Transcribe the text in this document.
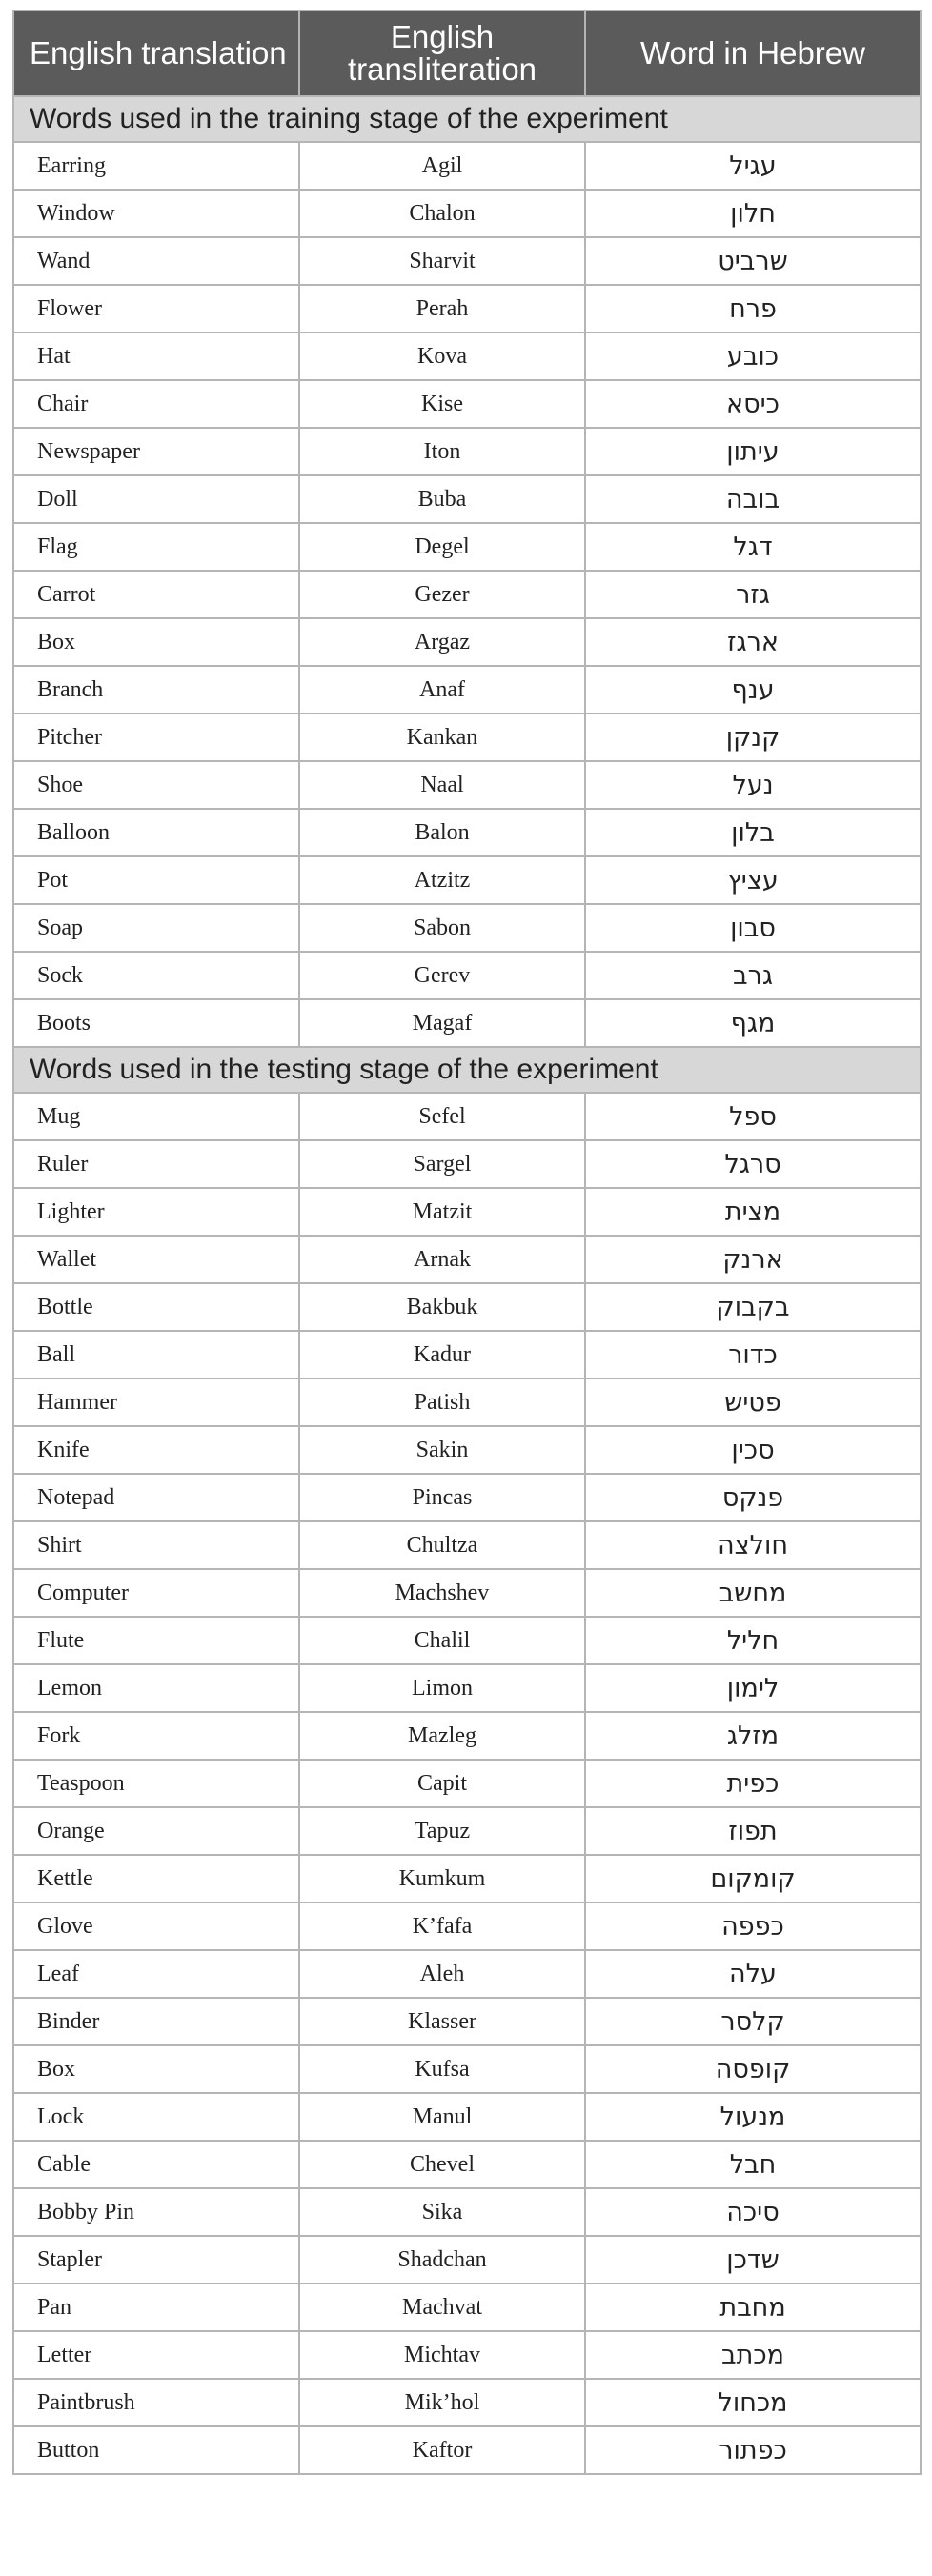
English translation	English transliteration	Word in Hebrew
Words used in the training stage of the experiment		
Earring	Agil	עגיל
Window	Chalon	חלון
Wand	Sharvit	שרביט
Flower	Perah	פרח
Hat	Kova	כובע
Chair	Kise	כיסא
Newspaper	Iton	עיתון
Doll	Buba	בובה
Flag	Degel	דגל
Carrot	Gezer	גזר
Box	Argaz	ארגז
Branch	Anaf	ענף
Pitcher	Kankan	קנקן
Shoe	Naal	נעל
Balloon	Balon	בלון
Pot	Atzitz	עציץ
Soap	Sabon	סבון
Sock	Gerev	גרב
Boots	Magaf	מגף
Words used in the testing stage of the experiment		
Mug	Sefel	ספל
Ruler	Sargel	סרגל
Lighter	Matzit	מצית
Wallet	Arnak	ארנק
Bottle	Bakbuk	בקבוק
Ball	Kadur	כדור
Hammer	Patish	פטיש
Knife	Sakin	סכין
Notepad	Pincas	פנקס
Shirt	Chultza	חולצה
Computer	Machshev	מחשב
Flute	Chalil	חליל
Lemon	Limon	לימון
Fork	Mazleg	מזלג
Teaspoon	Capit	כפית
Orange	Tapuz	תפוז
Kettle	Kumkum	קומקום
Glove	K’fafa	כפפה
Leaf	Aleh	עלה
Binder	Klasser	קלסר
Box	Kufsa	קופסה
Lock	Manul	מנעול
Cable	Chevel	חבל
Bobby Pin	Sika	סיכה
Stapler	Shadchan	שדכן
Pan	Machvat	מחבת
Letter	Michtav	מכתב
Paintbrush	Mik’hol	מכחול
Button	Kaftor	כפתור
